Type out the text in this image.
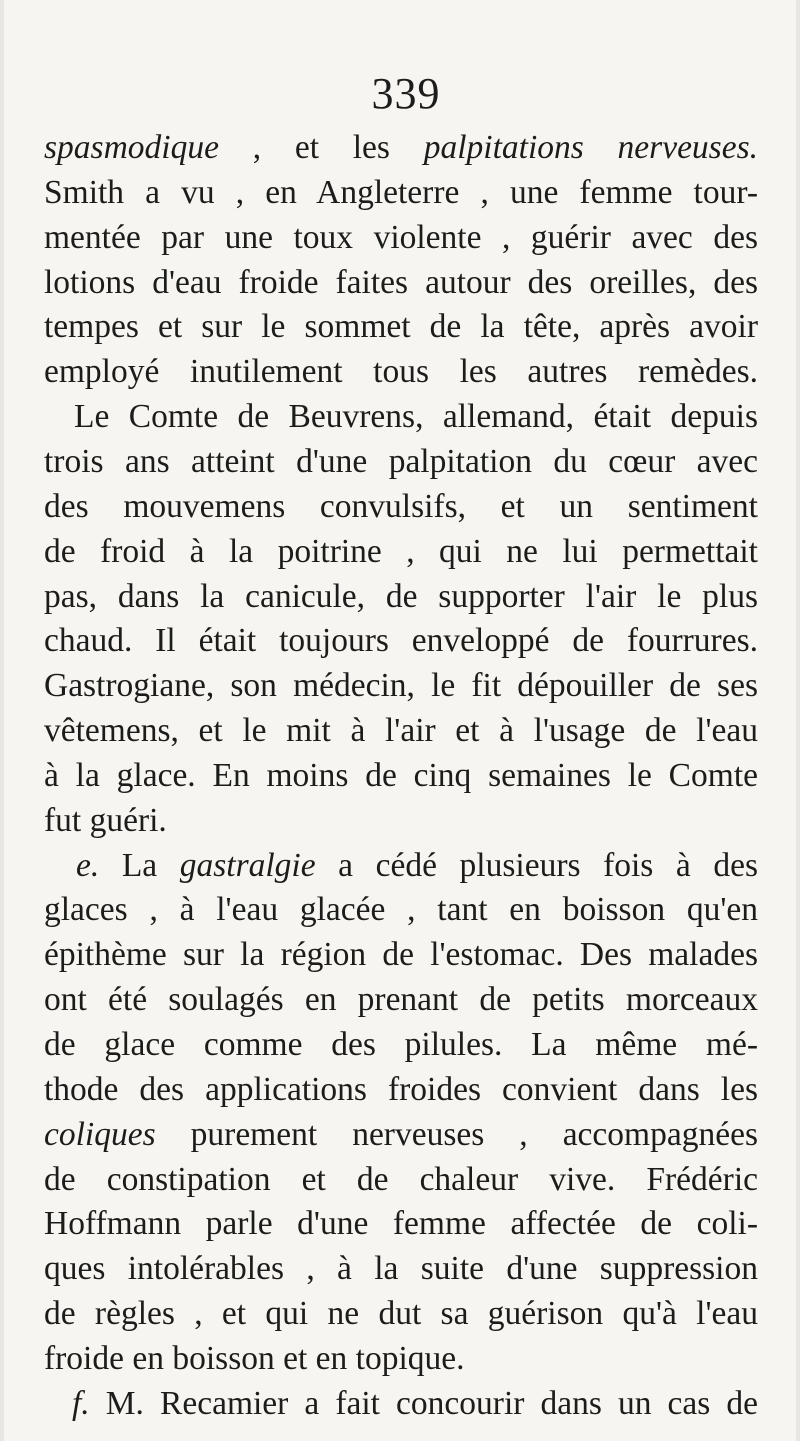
339
spasmodique , et les palpitations nerveuses.
Smith a vu , en Angleterre , une femme tour-
mentée par une toux violente , guérir avec des
lotions d'eau froide faites autour des oreilles, des
tempes et sur le sommet de la tête, après avoir
employé inutilement tous les autres remèdes.
Le Comte de Beuvrens, allemand, était depuis
trois ans atteint d'une palpitation du cœur avec
des mouvemens convulsifs, et un sentiment
de froid à la poitrine , qui ne lui permettait
pas, dans la canicule, de supporter l'air le plus
chaud. Il était toujours enveloppé de fourrures.
Gastrogiane, son médecin, le fit dépouiller de ses
vêtemens, et le mit à l'air et à l'usage de l'eau
à la glace. En moins de cinq semaines le Comte
fut guéri.
e. La gastralgie a cédé plusieurs fois à des
glaces , à l'eau glacée , tant en boisson qu'en
épithème sur la région de l'estomac. Des malades
ont été soulagés en prenant de petits morceaux
de glace comme des pilules. La même mé-
thode des applications froides convient dans les
coliques purement nerveuses , accompagnées
de constipation et de chaleur vive. Frédéric
Hoffmann parle d'une femme affectée de coli-
ques intolérables , à la suite d'une suppression
de règles , et qui ne dut sa guérison qu'à l'eau
froide en boisson et en topique.
f. M. Recamier a fait concourir dans un cas de
